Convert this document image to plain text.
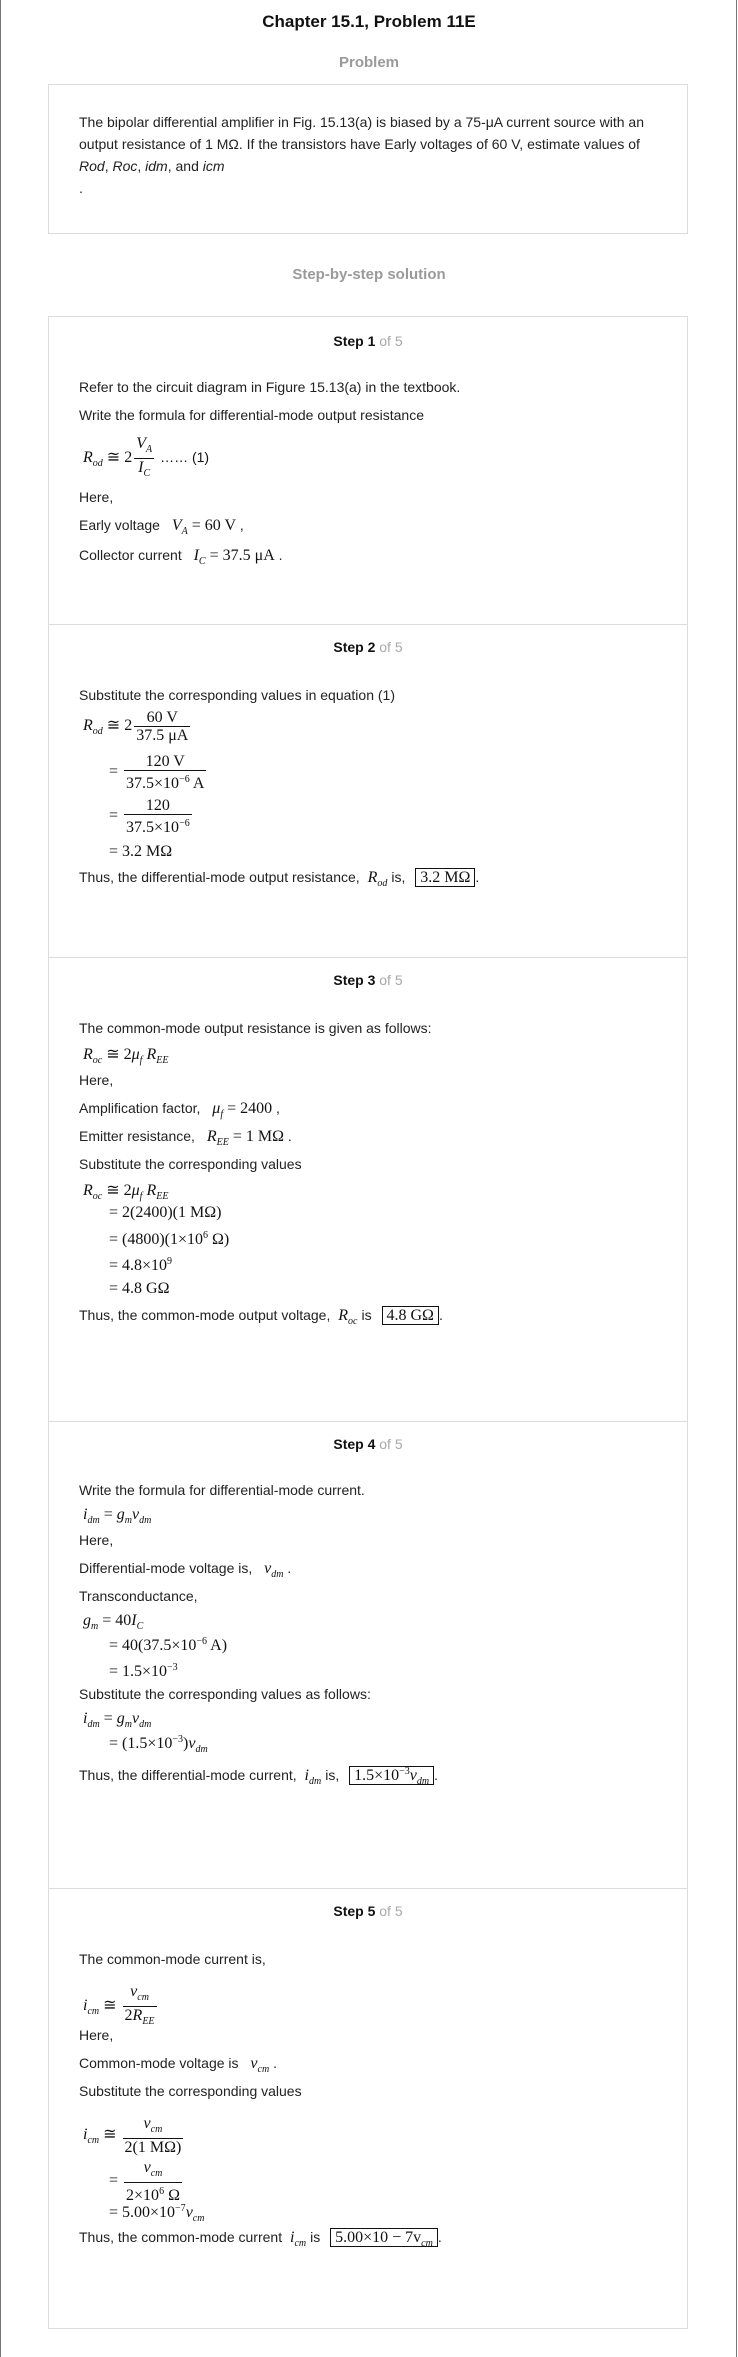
Chapter 15.1, Problem 11E
Problem

The bipolar differential amplifier in Fig. 15.13(a) is biased by a 75-μA current source with an

output resistance of 1 MΩ. If the transistors have Early voltages of 60 V, estimate values of

Rod, Roc, idm, and icm

.

Step-by-step solution
Step 1 of 5
Refer to the circuit diagram in Figure 15.13(a) in the textbook.
Write the formula for differential-mode output resistance
$R_{od}$ ≅ $2 \frac{V_A}{I_C}$ …… (1)
Here,
Early voltage $V_A = 60$ V ,
Collector current $I_C = 37.5$ μA .
Step 2 of 5
Substitute the corresponding values in equation (1)
$R_{od}$ ≅ $2 \frac{60 V}{37.5 \mu A}$
= $\frac{120 V}{37.5\times 10^{-6} A}$
= $\frac{120}{37.5\times 10^{-6}}$
= 3.2 MΩ
Thus, the differential-mode output resistance, $R_{od}$ is, 3.2 MΩ .
Step 3 of 5
The common-mode output resistance is given as follows:
$R_{oc}$ ≅ $2\mu_f$ $R_{EE}$
Here,
Amplification factor, $\mu_f = 2400$ ,
Emitter resistance, $R_{EE} = 1$ MΩ .
Substitute the corresponding values
$R_{oc}$ ≅ $2\mu_f$ $R_{EE}$
= 2(2400)(1 MΩ)
= $(4800)(1\times 10^6$ Ω)
= $4.8\times 10^9$
= 4.8 GΩ
Thus, the common-mode output voltage, $R_{oc}$ is 4.8 GΩ .
Step 4 of 5
Write the formula for differential-mode current.
$i_{dm} = g_mv_{dm}$
Here,
Differential-mode voltage is, $v_{dm}$ .
Transconductance,
$g_m = 40I_C$
= $40(37.5\times 10^{-6}$ A)
= $1.5\times 10^{-3}$
Substitute the corresponding values as follows:
$i_{dm} = g_mv_{dm}$
= $(1.5\times 10^{-3})v_{dm}$
Thus, the differential-mode current, $i_{dm}$ is, $1.5\times 10^{-3}v_{dm}$ .
Step 5 of 5
The common-mode current is,
$i_{cm}$ ≅ $\frac{v_{cm}}{2R_{EE}}$
Here,
Common-mode voltage is $v_{cm}$ .
Substitute the corresponding values
$i_{cm}$ ≅ $\frac{v_{cm}}{2(1 M\Omega)}$
= $\frac{v_{cm}}{2\times 10^6 \Omega}$
= $5.00\times 10^{-7}v_{cm}$
Thus, the common-mode current $i_{cm}$ is $5.00\times 10 - 7v_{cm}$ .
